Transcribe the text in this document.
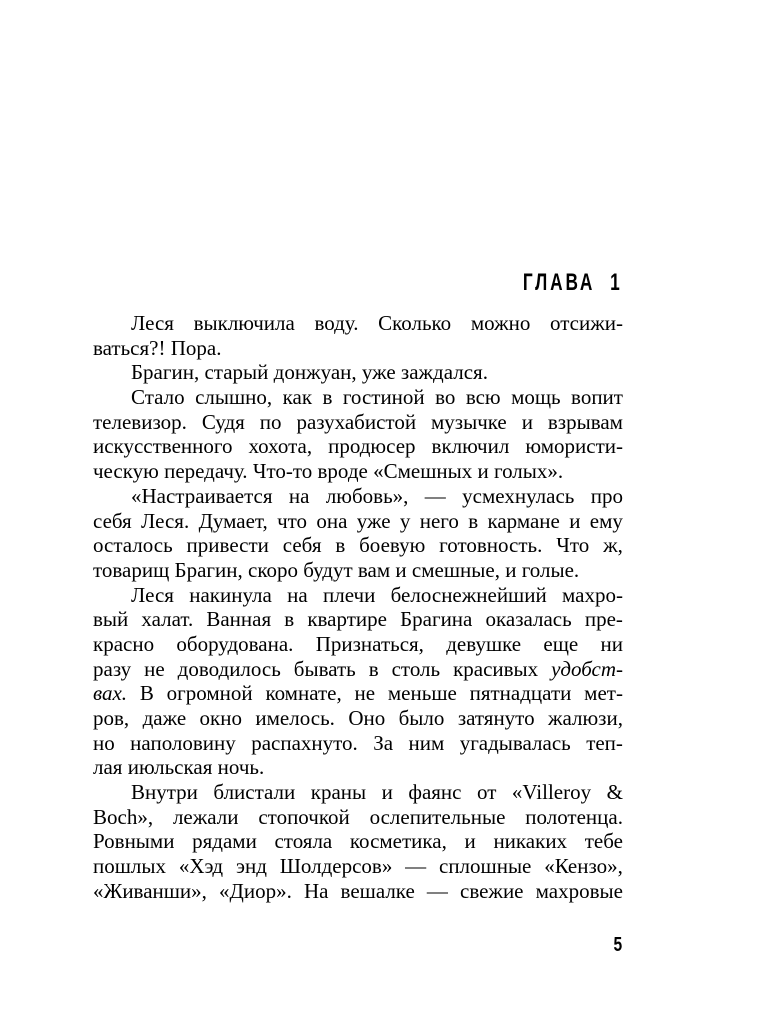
ГЛАВА 1
Леся выключила воду. Сколько можно отсижи-
ваться?! Пора.
Брагин, старый донжуан, уже заждался.
Стало слышно, как в гостиной во всю мощь вопит
телевизор. Судя по разухабистой музычке и взрывам
искусственного хохота, продюсер включил юмористи-
ческую передачу. Что-то вроде «Смешных и голых».
«Настраивается на любовь», — усмехнулась про
себя Леся. Думает, что она уже у него в кармане и ему
осталось привести себя в боевую готовность. Что ж,
товарищ Брагин, скоро будут вам и смешные, и голые.
Леся накинула на плечи белоснежнейший махро-
вый халат. Ванная в квартире Брагина оказалась пре-
красно оборудована. Признаться, девушке еще ни
разу не доводилось бывать в столь красивых удобст-
вах. В огромной комнате, не меньше пятнадцати мет-
ров, даже окно имелось. Оно было затянуто жалюзи,
но наполовину распахнуто. За ним угадывалась теп-
лая июльская ночь.
Внутри блистали краны и фаянс от «Villeroy &
Boch», лежали стопочкой ослепительные полотенца.
Ровными рядами стояла косметика, и никаких тебе
пошлых «Хэд энд Шолдерсов» — сплошные «Кензо»,
«Живанши», «Диор». На вешалке — свежие махровые
5
